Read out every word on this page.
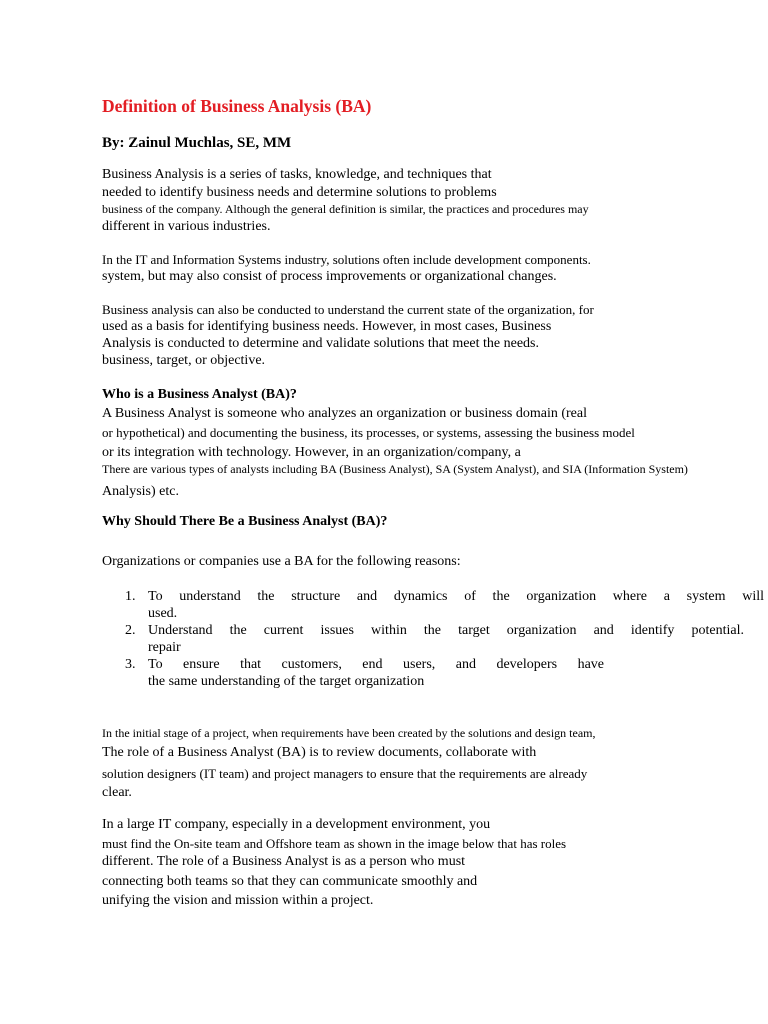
Definition of Business Analysis (BA)
By: Zainul Muchlas, SE, MM
Business Analysis is a series of tasks, knowledge, and techniques that
needed to identify business needs and determine solutions to problems
business of the company. Although the general definition is similar, the practices and procedures may
different in various industries.
In the IT and Information Systems industry, solutions often include development components.
system, but may also consist of process improvements or organizational changes.
Business analysis can also be conducted to understand the current state of the organization, for
used as a basis for identifying business needs. However, in most cases, Business
Analysis is conducted to determine and validate solutions that meet the needs.
business, target, or objective.
Who is a Business Analyst (BA)?
A Business Analyst is someone who analyzes an organization or business domain (real
or hypothetical) and documenting the business, its processes, or systems, assessing the business model
or its integration with technology. However, in an organization/company, a
There are various types of analysts including BA (Business Analyst), SA (System Analyst), and SIA (Information System)
Analysis) etc.
Why Should There Be a Business Analyst (BA)?
Organizations or companies use a BA for the following reasons:
1. To understand the structure and dynamics of the organization where a system will
used.
2. Understand the current issues within the target organization and identify potential.
repair
3. To ensure that customers, end users, and developers have
the same understanding of the target organization
In the initial stage of a project, when requirements have been created by the solutions and design team,
The role of a Business Analyst (BA) is to review documents, collaborate with
solution designers (IT team) and project managers to ensure that the requirements are already
clear.
In a large IT company, especially in a development environment, you
must find the On-site team and Offshore team as shown in the image below that has roles
different. The role of a Business Analyst is as a person who must
connecting both teams so that they can communicate smoothly and
unifying the vision and mission within a project.
